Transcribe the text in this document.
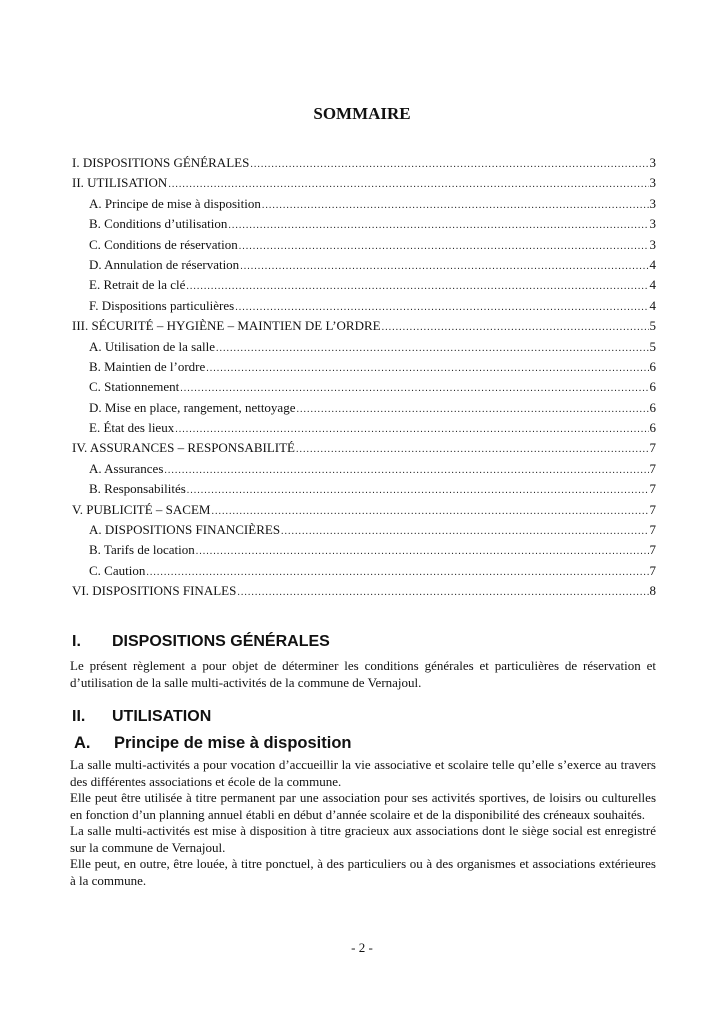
SOMMAIRE
I. DISPOSITIONS GÉNÉRALES .....	3
II. UTILISATION .....	3
A. Principe de mise à disposition .....	3
B. Conditions d’utilisation .....	3
C. Conditions de réservation .....	3
D. Annulation de réservation .....	4
E. Retrait de la clé .....	4
F. Dispositions particulières .....	4
III. SÉCURITÉ – HYGIÈNE – MAINTIEN DE L’ORDRE .....	5
A. Utilisation de la salle .....	5
B. Maintien de l’ordre .....	6
C. Stationnement .....	6
D. Mise en place, rangement, nettoyage .....	6
E. État des lieux .....	6
IV. ASSURANCES – RESPONSABILITÉ .....	7
A. Assurances .....	7
B. Responsabilités .....	7
V. PUBLICITÉ – SACEM .....	7
A. DISPOSITIONS FINANCIÈRES .....	7
B. Tarifs de location .....	7
C. Caution .....	7
VI. DISPOSITIONS FINALES .....	8
I. DISPOSITIONS GÉNÉRALES

Le présent règlement a pour objet de déterminer les conditions générales et particulières de réservation et d’utilisation de la salle multi-activités de la commune de Vernajoul.

II. UTILISATION
A. Principe de mise à disposition

La salle multi-activités a pour vocation d’accueillir la vie associative et scolaire telle qu’elle s’exerce au travers des différentes associations et école de la commune.

Elle peut être utilisée à titre permanent par une association pour ses activités sportives, de loisirs ou culturelles en fonction d’un planning annuel établi en début d’année scolaire et de la disponibilité des créneaux souhaités.

La salle multi-activités est mise à disposition à titre gracieux aux associations dont le siège social est enregistré sur la commune de Vernajoul.

Elle peut, en outre, être louée, à titre ponctuel, à des particuliers ou à des organismes et associations extérieures à la commune.

- 2 -
